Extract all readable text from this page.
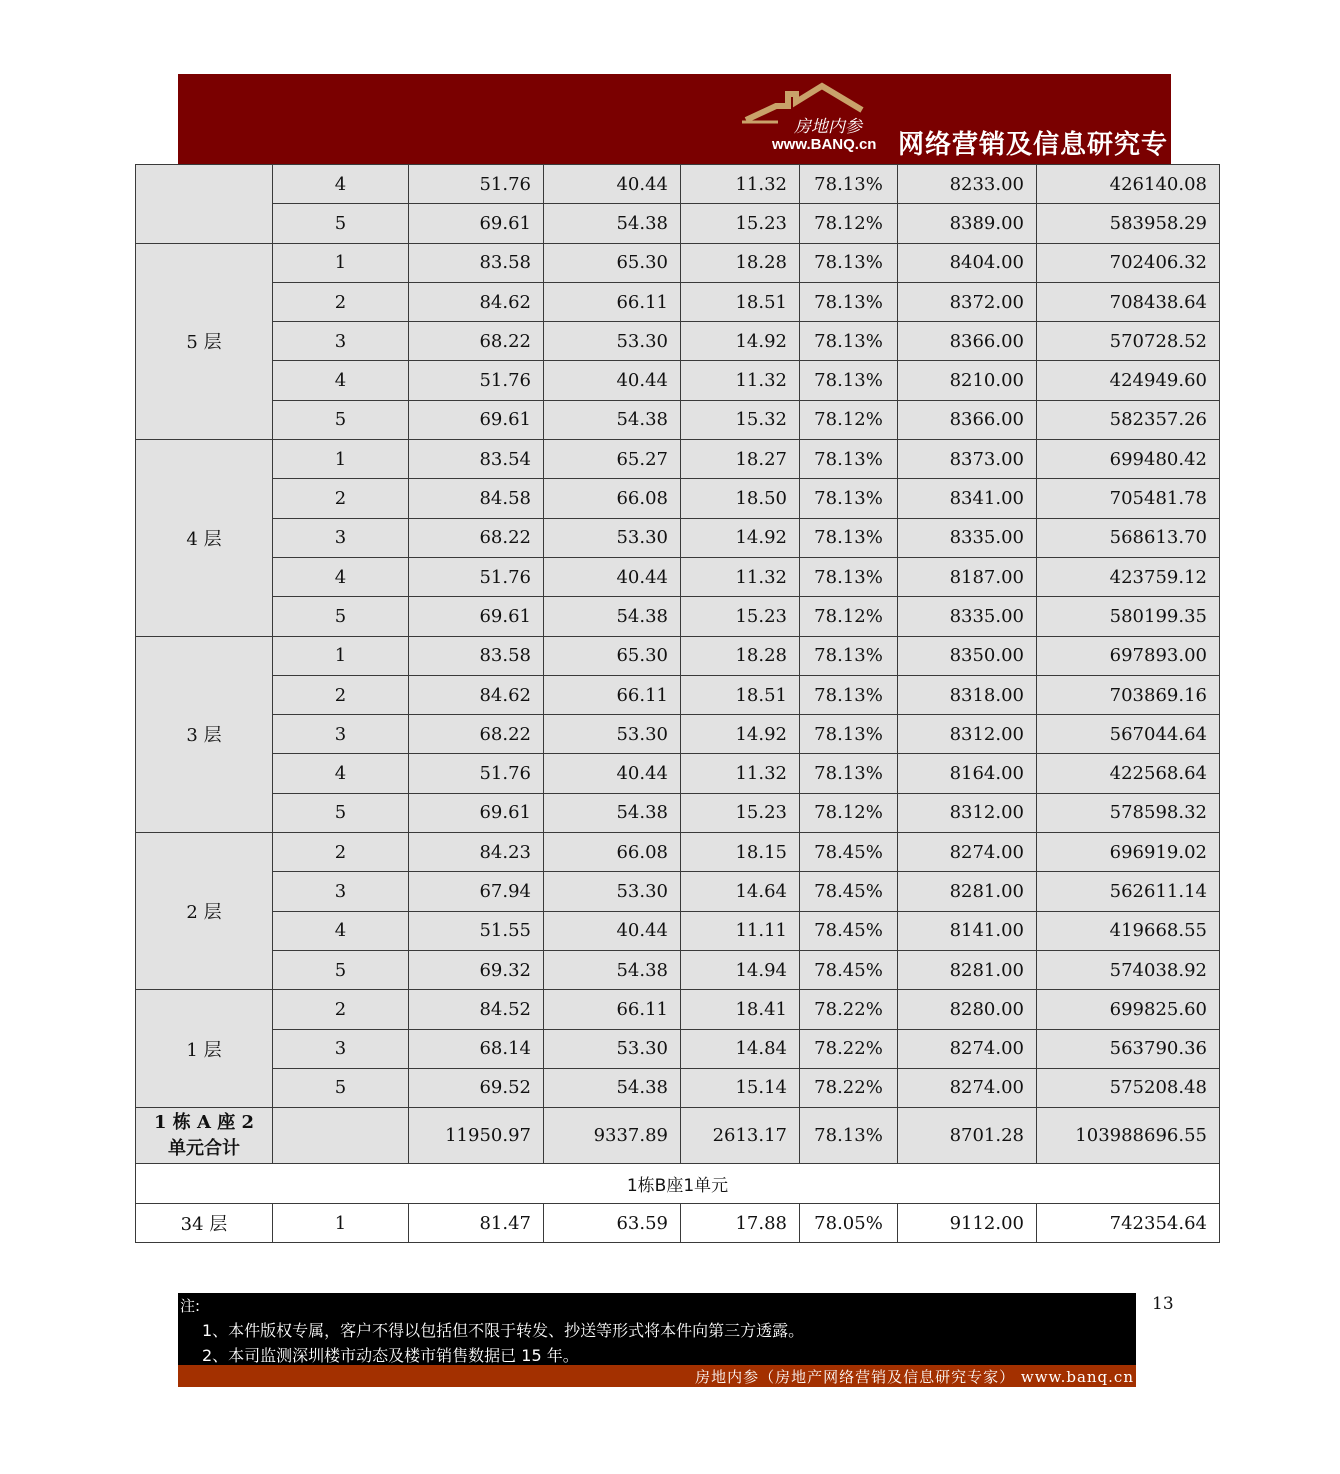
房地内参
www.BANQ.cn 网络营销及信息研究专
	4	51.76	40.44	11.32	78.13%	8233.00	426140.08
	5	69.61	54.38	15.23	78.12%	8389.00	583958.29
5 层	1	83.58	65.30	18.28	78.13%	8404.00	702406.32
	2	84.62	66.11	18.51	78.13%	8372.00	708438.64
	3	68.22	53.30	14.92	78.13%	8366.00	570728.52
	4	51.76	40.44	11.32	78.13%	8210.00	424949.60
	5	69.61	54.38	15.32	78.12%	8366.00	582357.26
4 层	1	83.54	65.27	18.27	78.13%	8373.00	699480.42
	2	84.58	66.08	18.50	78.13%	8341.00	705481.78
	3	68.22	53.30	14.92	78.13%	8335.00	568613.70
	4	51.76	40.44	11.32	78.13%	8187.00	423759.12
	5	69.61	54.38	15.23	78.12%	8335.00	580199.35
3 层	1	83.58	65.30	18.28	78.13%	8350.00	697893.00
	2	84.62	66.11	18.51	78.13%	8318.00	703869.16
	3	68.22	53.30	14.92	78.13%	8312.00	567044.64
	4	51.76	40.44	11.32	78.13%	8164.00	422568.64
	5	69.61	54.38	15.23	78.12%	8312.00	578598.32
2 层	2	84.23	66.08	18.15	78.45%	8274.00	696919.02
	3	67.94	53.30	14.64	78.45%	8281.00	562611.14
	4	51.55	40.44	11.11	78.45%	8141.00	419668.55
	5	69.32	54.38	14.94	78.45%	8281.00	574038.92
1 层	2	84.52	66.11	18.41	78.22%	8280.00	699825.60
	3	68.14	53.30	14.84	78.22%	8274.00	563790.36
	5	69.52	54.38	15.14	78.22%	8274.00	575208.48

1 栋 A 座 2
单元合计		11950.97	9337.89	2613.17	78.13%	8701.28	103988696.55
1栋B座1单元							
34 层	1	81.47	63.59	17.88	78.05%	9112.00	742354.64
13
注:
1、本件版权专属，客户不得以包括但不限于转发、抄送等形式将本件向第三方透露。
2、本司监测深圳楼市动态及楼市销售数据已 15 年。
房地内参（房地产网络营销及信息研究专家） www.banq.cn
